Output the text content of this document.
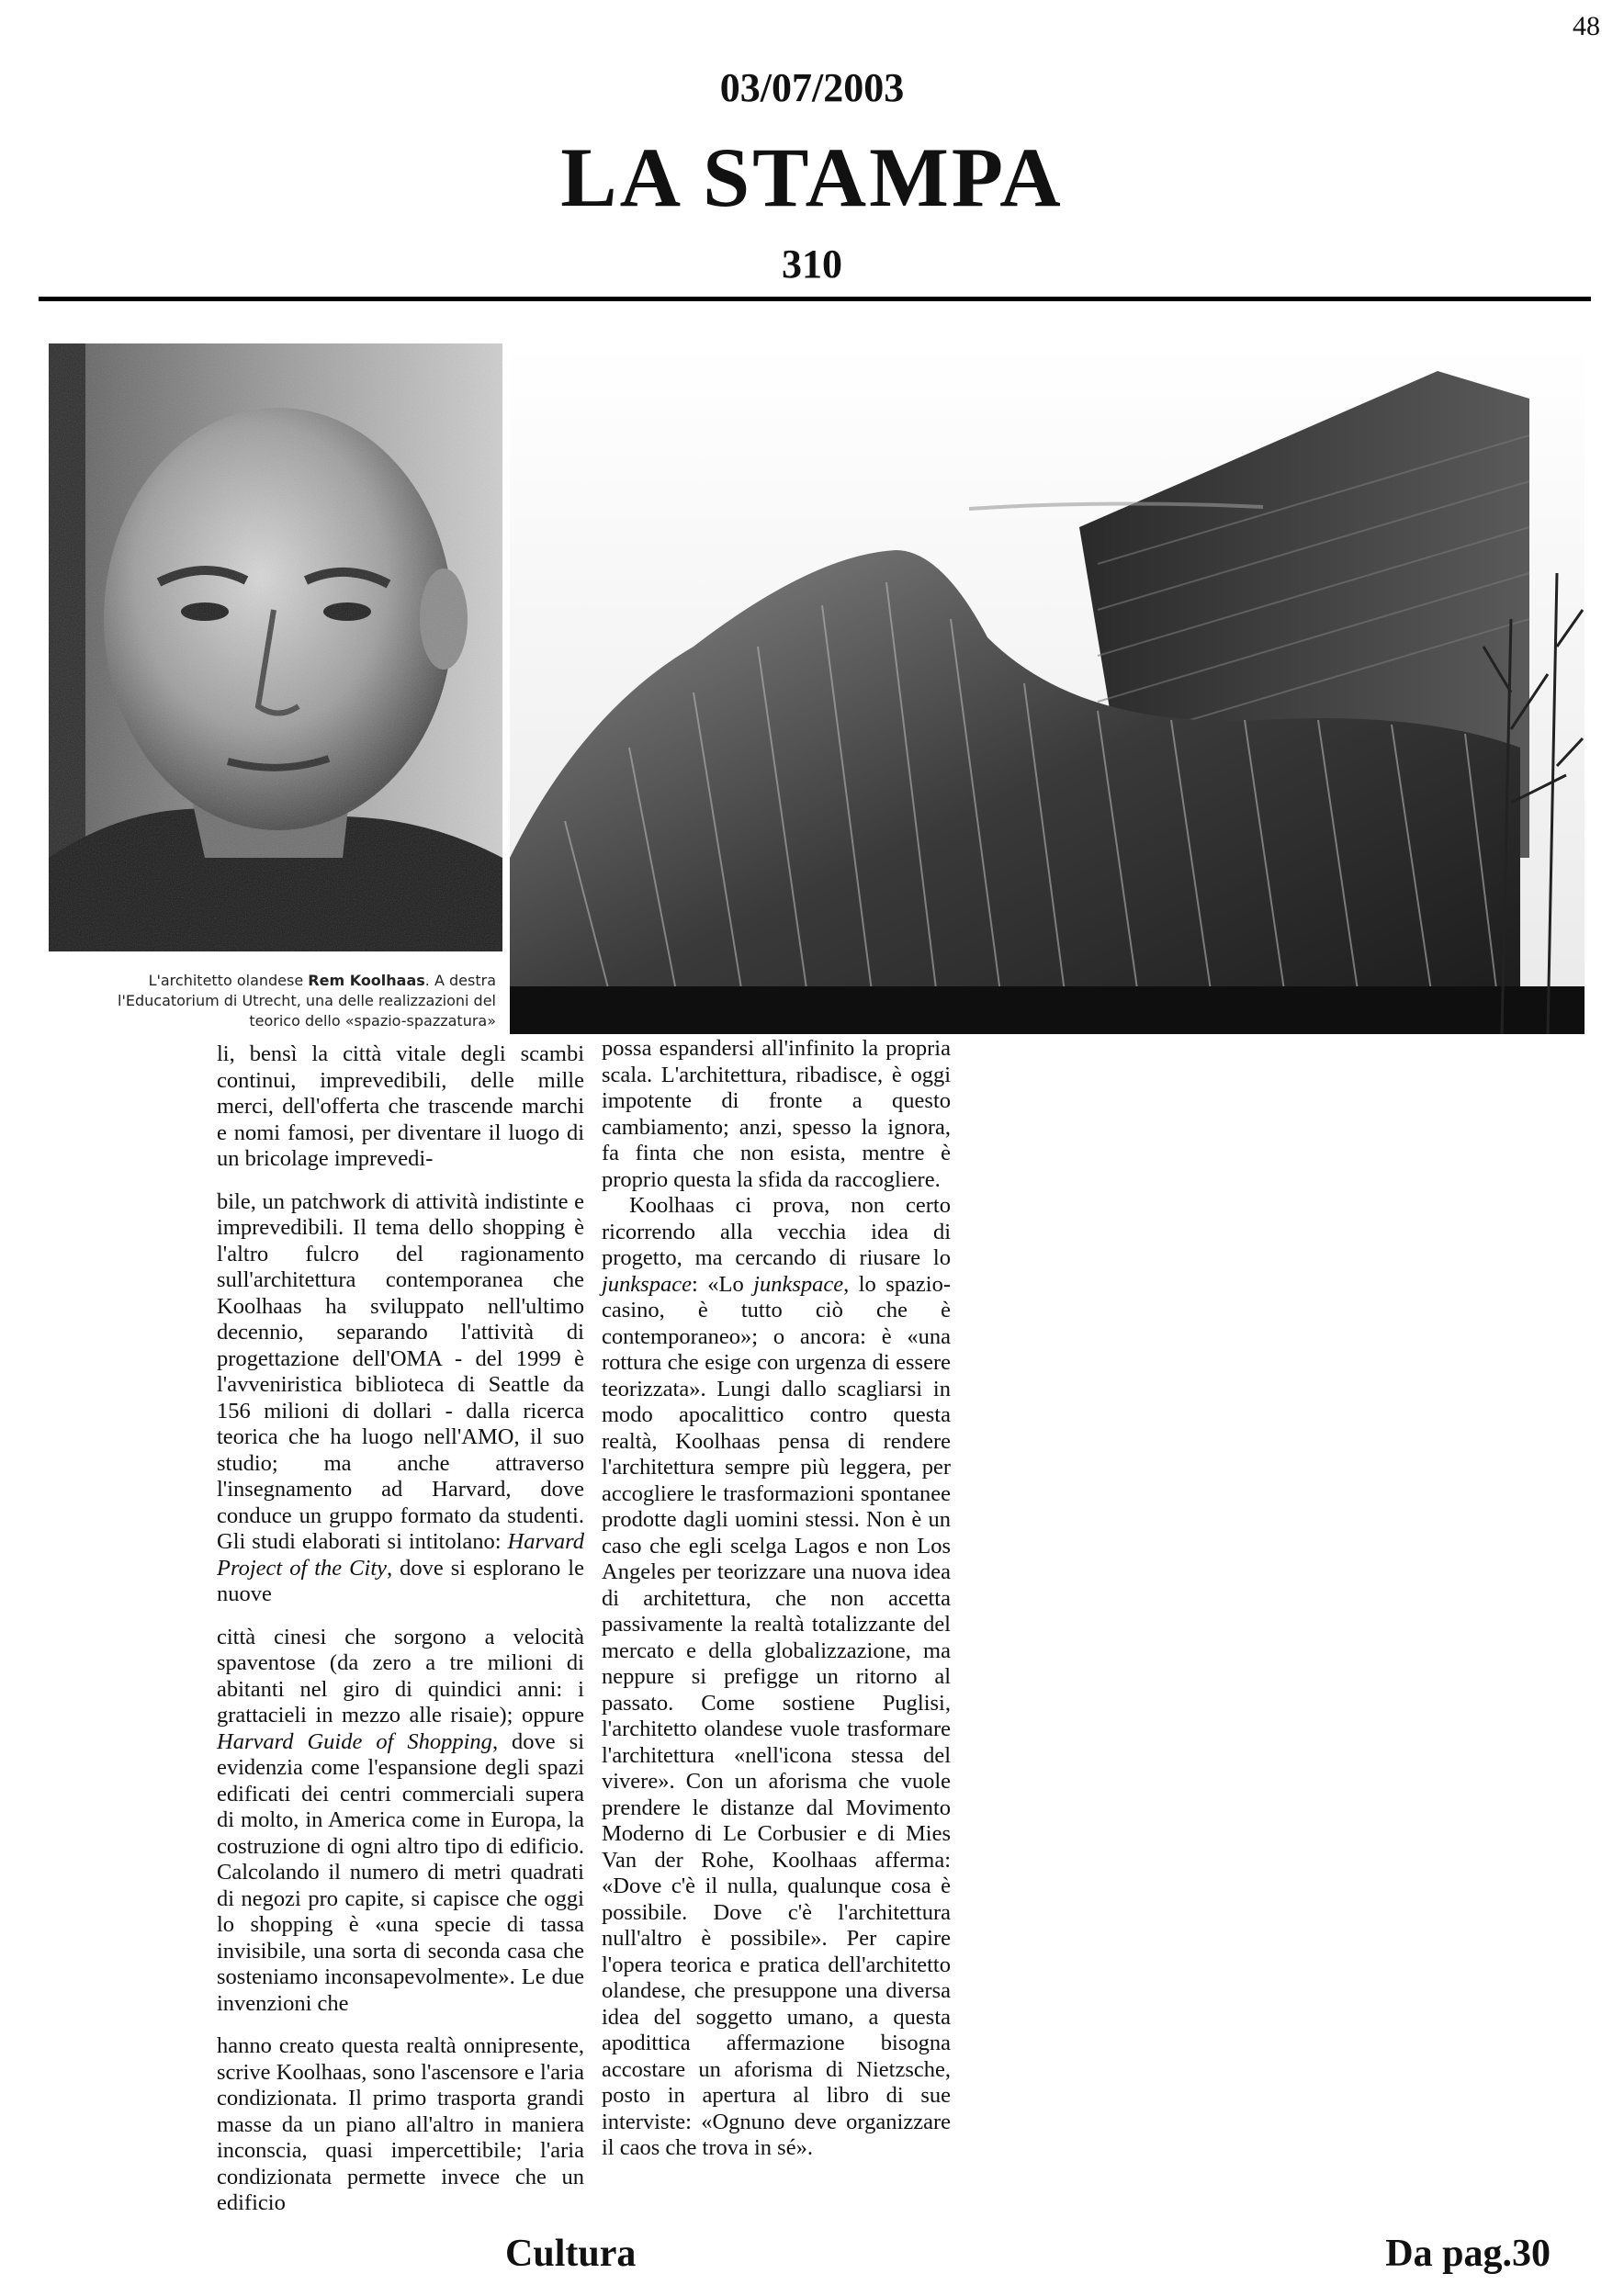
48
03/07/2003
LA STAMPA
310
L'architetto olandese Rem Koolhaas. A destra
l'Educatorium di Utrecht, una delle realizzazioni del
teorico dello «spazio-spazzatura»

li, bensì la città vitale degli scambi continui, imprevedibili, delle mille merci, dell'offerta che trascende marchi e nomi famosi, per diventare il luogo di un bricolage imprevedi-

bile, un patchwork di attività indistinte e imprevedibili. Il tema dello shopping è l'altro fulcro del ragionamento sull'architettura contemporanea che Koolhaas ha sviluppato nell'ultimo decennio, separando l'attività di progettazione dell'OMA - del 1999 è l'avveniristica biblioteca di Seattle da 156 milioni di dollari - dalla ricerca teorica che ha luogo nell'AMO, il suo studio; ma anche attraverso l'insegnamento ad Harvard, dove conduce un gruppo formato da studenti. Gli studi elaborati si intitolano: Harvard Project of the City, dove si esplorano le nuove

città cinesi che sorgono a velocità spaventose (da zero a tre milioni di abitanti nel giro di quindici anni: i grattacieli in mezzo alle risaie); oppure Harvard Guide of Shopping, dove si evidenzia come l'espansione degli spazi edificati dei centri commerciali supera di molto, in America come in Europa, la costruzione di ogni altro tipo di edificio. Calcolando il numero di metri quadrati di negozi pro capite, si capisce che oggi lo shopping è «una specie di tassa invisibile, una sorta di seconda casa che sosteniamo inconsapevolmente». Le due invenzioni che

hanno creato questa realtà onnipresente, scrive Koolhaas, sono l'ascensore e l'aria condizionata. Il primo trasporta grandi masse da un piano all'altro in maniera inconscia, quasi impercettibile; l'aria condizionata permette invece che un edificio

possa espandersi all'infinito la propria scala. L'architettura, ribadisce, è oggi impotente di fronte a questo cambiamento; anzi, spesso la ignora, fa finta che non esista, mentre è proprio questa la sfida da raccogliere.

Koolhaas ci prova, non certo ricorrendo alla vecchia idea di progetto, ma cercando di riusare lo junkspace: «Lo junkspace, lo spazio-casino, è tutto ciò che è contemporaneo»; o ancora: è «una rottura che esige con urgenza di essere teorizzata». Lungi dallo scagliarsi in modo apocalittico contro questa realtà, Koolhaas pensa di rendere l'architettura sempre più leggera, per accogliere le trasformazioni spontanee prodotte dagli uomini stessi. Non è un caso che egli scelga Lagos e non Los Angeles per teorizzare una nuova idea di architettura, che non accetta passivamente la realtà totalizzante del mercato e della globalizzazione, ma neppure si prefigge un ritorno al passato. Come sostiene Puglisi, l'architetto olandese vuole trasformare l'architettura «nell'icona stessa del vivere». Con un aforisma che vuole prendere le distanze dal Movimento Moderno di Le Corbusier e di Mies Van der Rohe, Koolhaas afferma: «Dove c'è il nulla, qualunque cosa è possibile. Dove c'è l'architettura null'altro è possibile». Per capire l'opera teorica e pratica dell'architetto olandese, che presuppone una diversa idea del soggetto umano, a questa apodittica affermazione bisogna accostare un aforisma di Nietzsche, posto in apertura al libro di sue interviste: «Ognuno deve organizzare il caos che trova in sé».

Cultura	Da pag.30
